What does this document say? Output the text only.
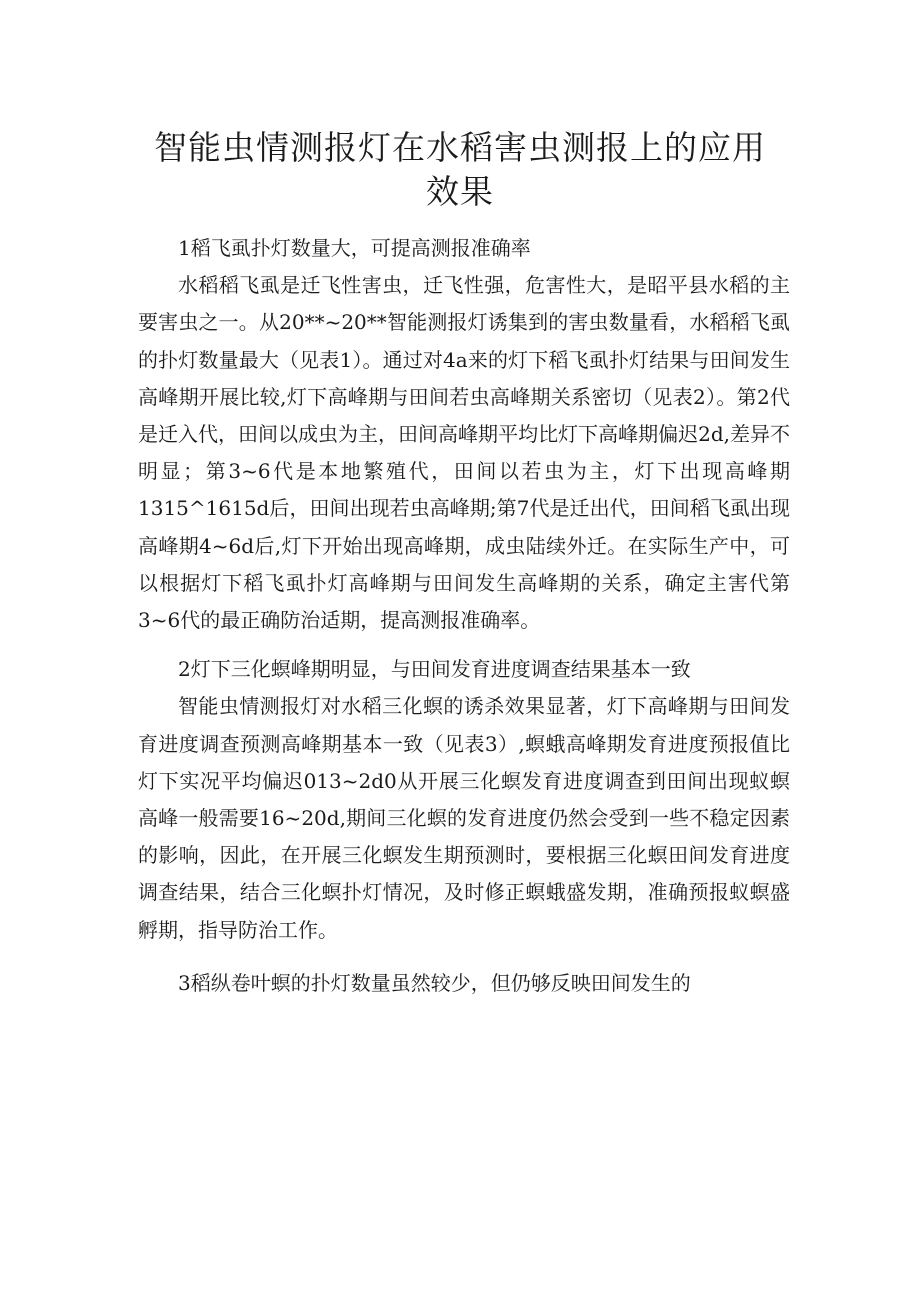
智能虫情测报灯在水稻害虫测报上的应用
效果

1稻飞虱扑灯数量大，可提高测报准确率

水稻稻飞虱是迁飞性害虫，迁飞性强，危害性大，是昭平县水稻的主要害虫之一。从20**~20**智能测报灯诱集到的害虫数量看，水稻稻飞虱的扑灯数量最大（见表1）。通过对4a来的灯下稻飞虱扑灯结果与田间发生高峰期开展比较,灯下高峰期与田间若虫高峰期关系密切（见表2）。第2代是迁入代，田间以成虫为主，田间高峰期平均比灯下高峰期偏迟2d,差异不明显；第3~6代是本地繁殖代，田间以若虫为主，灯下出现高峰期1315^1615d后，田间出现若虫高峰期;第7代是迁出代，田间稻飞虱出现高峰期4~6d后,灯下开始出现高峰期，成虫陆续外迁。在实际生产中，可以根据灯下稻飞虱扑灯高峰期与田间发生高峰期的关系，确定主害代第3~6代的最正确防治适期，提高测报准确率。

2灯下三化螟峰期明显，与田间发育进度调查结果基本一致

智能虫情测报灯对水稻三化螟的诱杀效果显著，灯下高峰期与田间发育进度调查预测高峰期基本一致（见表3）,螟蛾高峰期发育进度预报值比灯下实况平均偏迟013~2d0从开展三化螟发育进度调查到田间出现蚁螟高峰一般需要16~20d,期间三化螟的发育进度仍然会受到一些不稳定因素的影响，因此，在开展三化螟发生期预测时，要根据三化螟田间发育进度调查结果，结合三化螟扑灯情况，及时修正螟蛾盛发期，准确预报蚁螟盛孵期，指导防治工作。

3稻纵卷叶螟的扑灯数量虽然较少，但仍够反映田间发生的
